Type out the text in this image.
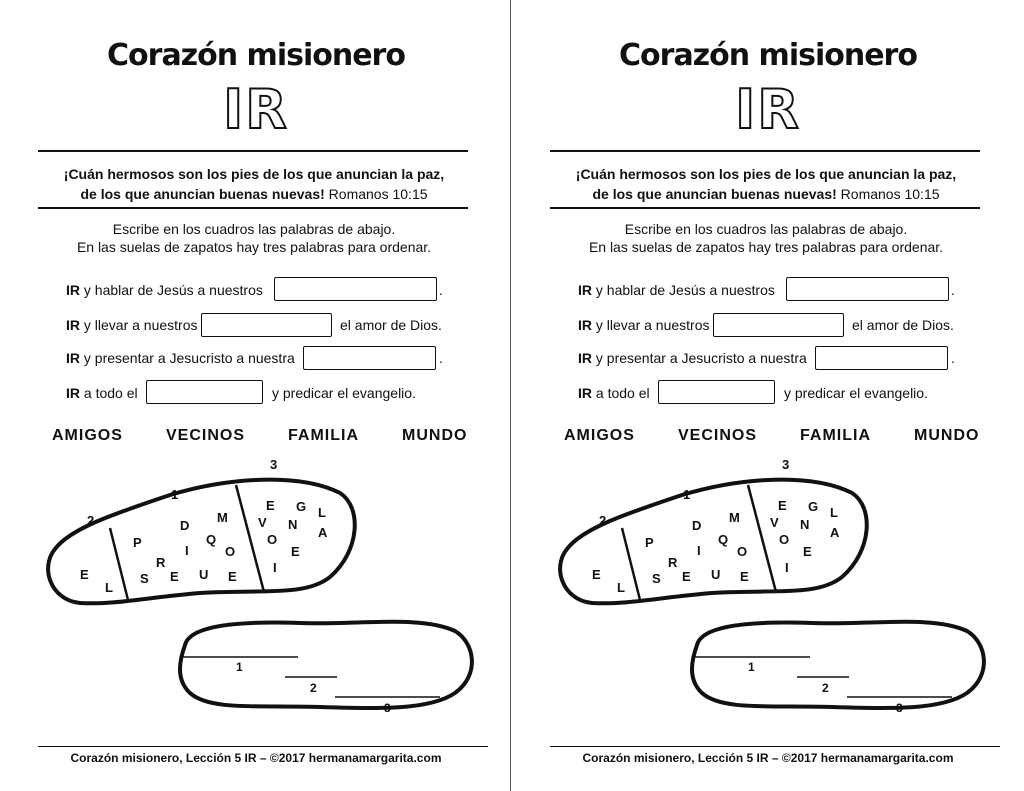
Corazón misionero
IR
¡Cuán hermosos son los pies de los que anuncian la paz,
de los que anuncian buenas nuevas! Romanos 10:15
Escribe en los cuadros las palabras de abajo.
En las suelas de zapatos hay tres palabras para ordenar.
IR y hablar de Jesús a nuestros	.
IR y llevar a nuestros	el amor de Dios.
IR y presentar a Jesucristo a nuestra	.
IR a todo el	y predicar el evangelio.
AMIGOS	VECINOS	FAMILIA	MUNDO
3
1
2
E
L
P
R
I
Q
O
D
M
S E U E
E G L
V N
A
O
E
I
1
2
3
Corazón misionero, Lección 5 IR – ©2017 hermanamargarita.com
Corazón misionero
IR
¡Cuán hermosos son los pies de los que anuncian la paz,
de los que anuncian buenas nuevas! Romanos 10:15
Escribe en los cuadros las palabras de abajo.
En las suelas de zapatos hay tres palabras para ordenar.
IR y hablar de Jesús a nuestros	.
IR y llevar a nuestros	el amor de Dios.
IR y presentar a Jesucristo a nuestra	.
IR a todo el	y predicar el evangelio.
AMIGOS	VECINOS	FAMILIA	MUNDO
3
1
2
E
L
P
R
I
Q
O
D
M
S E U E
E G L
V N
A
O
E
I
1
2
3
Corazón misionero, Lección 5 IR – ©2017 hermanamargarita.com
